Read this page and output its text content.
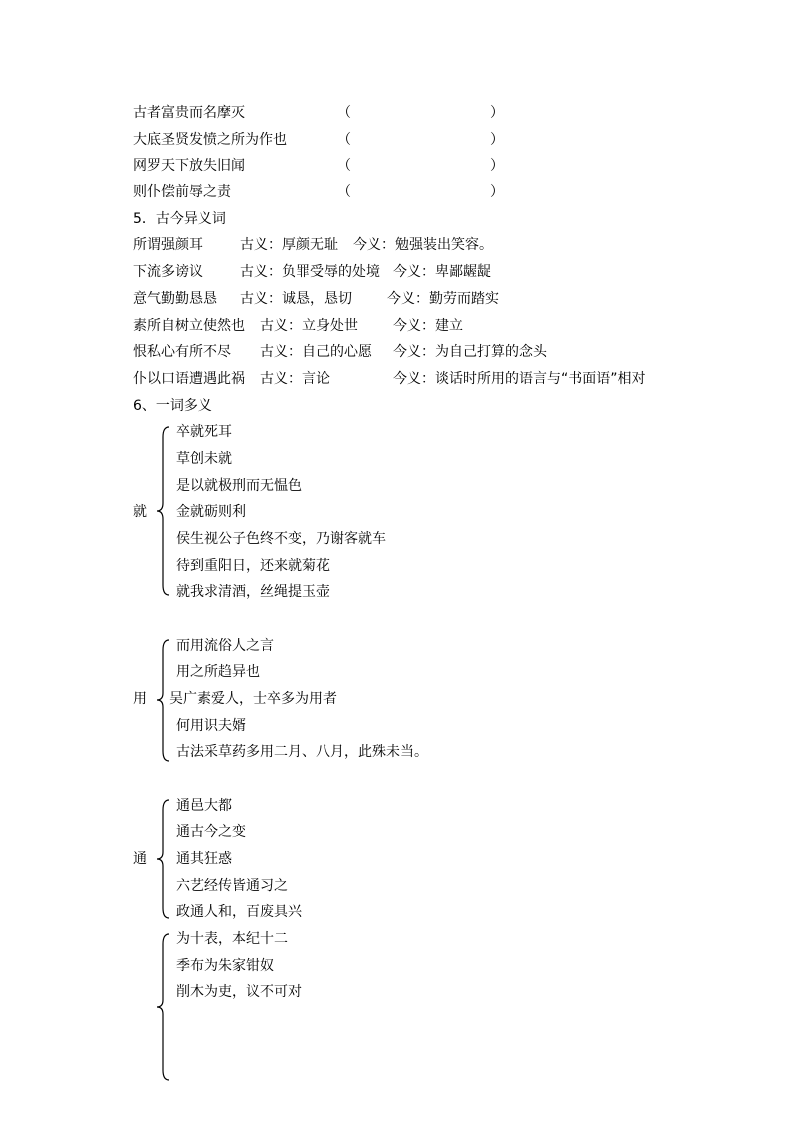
古者富贵而名摩灭	（	）
大底圣贤发愤之所为作也	（	）
网罗天下放失旧闻	（	）
则仆偿前辱之责	（	）
5．古今异义词
所谓强颜耳	古义：厚颜无耻 今义：勉强装出笑容。
下流多谤议	古义：负罪受辱的处境 今义：卑鄙龌龊
意气勤勤恳恳 古义：诚恳，恳切	今义：勤劳而踏实
素所自树立使然也 古义：立身处世	今义：建立
恨私心有所不尽 古义：自己的心愿 今义：为自己打算的念头
仆以口语遭遇此祸 古义：言论	今义：谈话时所用的语言与“书面语”相对
6、一词多义
就
卒就死耳
草创未就
是以就极刑而无愠色
金就砺则利
侯生视公子色终不变，乃谢客就车
待到重阳日，还来就菊花
就我求清酒，丝绳提玉壶
用
而用流俗人之言
用之所趋异也
吴广素爱人，士卒多为用者
何用识夫婿
古法采草药多用二月、八月，此殊未当。
通
通邑大都
通古今之变
通其狂惑
六艺经传皆通习之
政通人和，百废具兴
为十表，本纪十二
季布为朱家钳奴
削木为吏，议不可对
